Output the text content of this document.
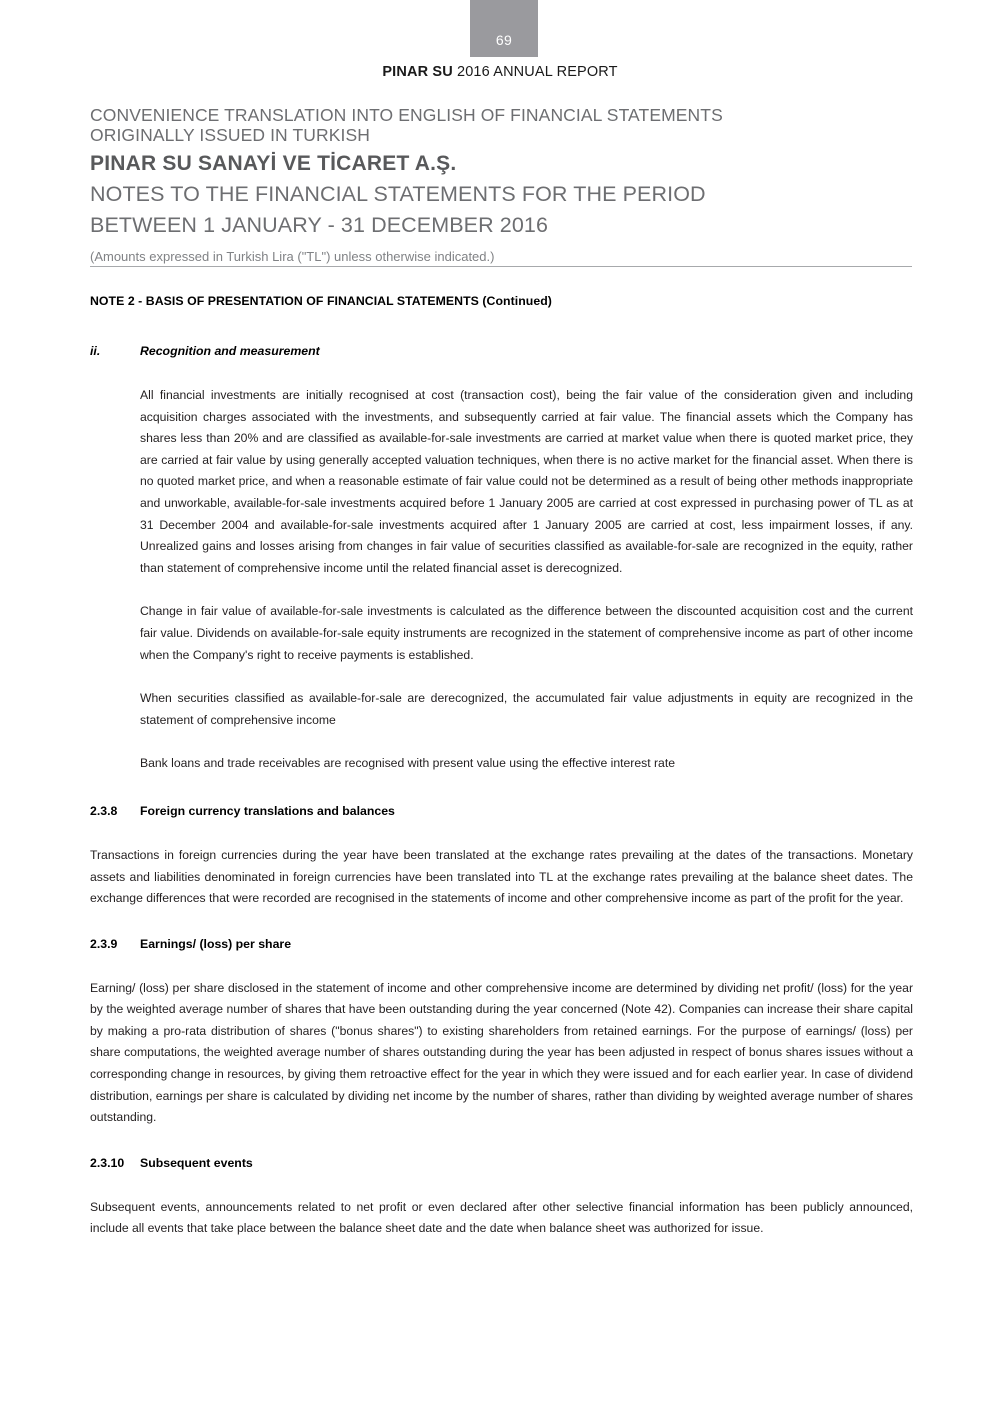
69
PINAR SU 2016 ANNUAL REPORT
CONVENIENCE TRANSLATION INTO ENGLISH OF FINANCIAL STATEMENTS
ORIGINALLY ISSUED IN TURKISH
PINAR SU SANAYİ VE TİCARET A.Ş.
NOTES TO THE FINANCIAL STATEMENTS FOR THE PERIOD
BETWEEN 1 JANUARY - 31 DECEMBER 2016
(Amounts expressed in Turkish Lira ("TL") unless otherwise indicated.)
NOTE 2 - BASIS OF PRESENTATION OF FINANCIAL STATEMENTS (Continued)
ii.	Recognition and measurement

All financial investments are initially recognised at cost (transaction cost), being the fair value of the consideration given and including acquisition charges associated with the investments, and subsequently carried at fair value. The financial assets which the Company has shares less than 20% and are classified as available-for-sale investments are carried at market value when there is quoted market price, they are carried at fair value by using generally accepted valuation techniques, when there is no active market for the financial asset. When there is no quoted market price, and when a reasonable estimate of fair value could not be determined as a result of being other methods inappropriate and unworkable, available-for-sale investments acquired before 1 January 2005 are carried at cost expressed in purchasing power of TL as at 31 December 2004 and available-for-sale investments acquired after 1 January 2005 are carried at cost, less impairment losses, if any. Unrealized gains and losses arising from changes in fair value of securities classified as available-for-sale are recognized in the equity, rather than statement of comprehensive income until the related financial asset is derecognized.

Change in fair value of available-for-sale investments is calculated as the difference between the discounted acquisition cost and the current fair value. Dividends on available-for-sale equity instruments are recognized in the statement of comprehensive income as part of other income when the Company's right to receive payments is established.

When securities classified as available-for-sale are derecognized, the accumulated fair value adjustments in equity are recognized in the statement of comprehensive income

Bank loans and trade receivables are recognised with present value using the effective interest rate

2.3.8	Foreign currency translations and balances

Transactions in foreign currencies during the year have been translated at the exchange rates prevailing at the dates of the transactions. Monetary assets and liabilities denominated in foreign currencies have been translated into TL at the exchange rates prevailing at the balance sheet dates. The exchange differences that were recorded are recognised in the statements of income and other comprehensive income as part of the profit for the year.

2.3.9	Earnings/ (loss) per share

Earning/ (loss) per share disclosed in the statement of income and other comprehensive income are determined by dividing net profit/ (loss) for the year by the weighted average number of shares that have been outstanding during the year concerned (Note 42). Companies can increase their share capital by making a pro-rata distribution of shares ("bonus shares") to existing shareholders from retained earnings. For the purpose of earnings/ (loss) per share computations, the weighted average number of shares outstanding during the year has been adjusted in respect of bonus shares issues without a corresponding change in resources, by giving them retroactive effect for the year in which they were issued and for each earlier year. In case of dividend distribution, earnings per share is calculated by dividing net income by the number of shares, rather than dividing by weighted average number of shares outstanding.

2.3.10	Subsequent events

Subsequent events, announcements related to net profit or even declared after other selective financial information has been publicly announced, include all events that take place between the balance sheet date and the date when balance sheet was authorized for issue.
